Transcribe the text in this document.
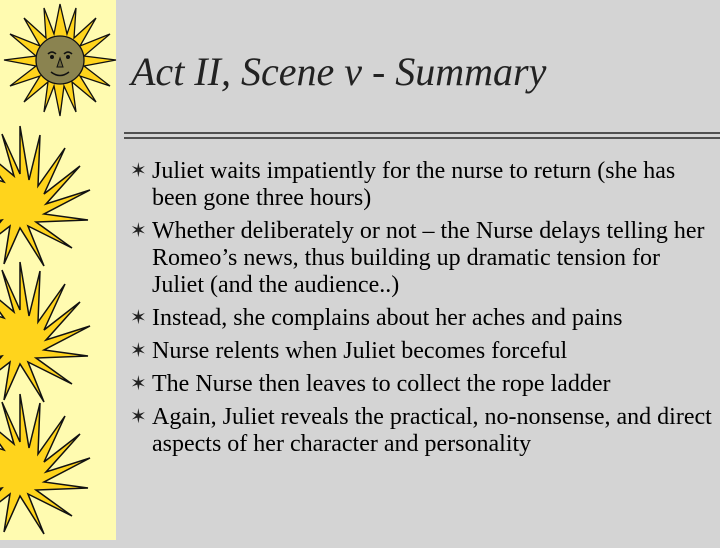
Act II, Scene v - Summary
✶ Juliet waits impatiently for the nurse to return (she has been gone three hours)
✶ Whether deliberately or not – the Nurse delays telling her Romeo’s news, thus building up dramatic tension for Juliet (and the audience..)
✶ Instead, she complains about her aches and pains
✶ Nurse relents when Juliet becomes forceful
✶ The Nurse then leaves to collect the rope ladder
✶ Again, Juliet reveals the practical, no-nonsense, and direct aspects of her character and personality
